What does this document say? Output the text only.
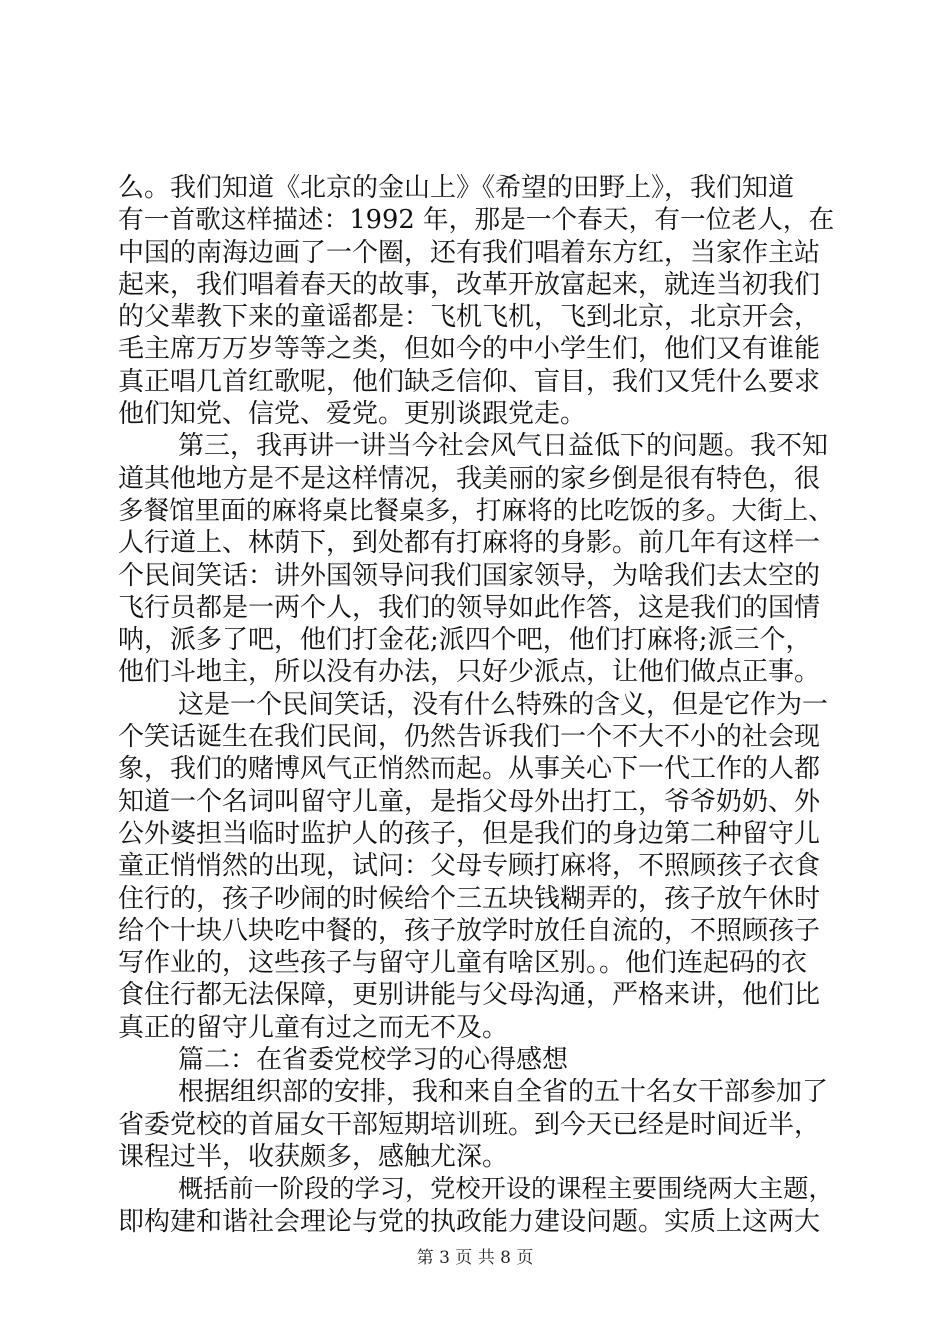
么。我们知道《北京的金山上》《希望的田野上》，我们知道
有一首歌这样描述：1992 年，那是一个春天，有一位老人，在
中国的南海边画了一个圈，还有我们唱着东方红，当家作主站
起来，我们唱着春天的故事，改革开放富起来，就连当初我们
的父辈教下来的童谣都是：飞机飞机，飞到北京，北京开会，
毛主席万万岁等等之类，但如今的中小学生们，他们又有谁能
真正唱几首红歌呢，他们缺乏信仰、盲目，我们又凭什么要求
他们知党、信党、爱党。更别谈跟党走。
第三，我再讲一讲当今社会风气日益低下的问题。我不知
道其他地方是不是这样情况，我美丽的家乡倒是很有特色，很
多餐馆里面的麻将桌比餐桌多，打麻将的比吃饭的多。大街上、
人行道上、林荫下，到处都有打麻将的身影。前几年有这样一
个民间笑话：讲外国领导问我们国家领导，为啥我们去太空的
飞行员都是一两个人，我们的领导如此作答，这是我们的国情
呐，派多了吧，他们打金花;派四个吧，他们打麻将;派三个，
他们斗地主，所以没有办法，只好少派点，让他们做点正事。
这是一个民间笑话，没有什么特殊的含义，但是它作为一
个笑话诞生在我们民间，仍然告诉我们一个不大不小的社会现
象，我们的赌博风气正悄然而起。从事关心下一代工作的人都
知道一个名词叫留守儿童，是指父母外出打工，爷爷奶奶、外
公外婆担当临时监护人的孩子，但是我们的身边第二种留守儿
童正悄悄然的出现，试问：父母专顾打麻将，不照顾孩子衣食
住行的，孩子吵闹的时候给个三五块钱糊弄的，孩子放午休时
给个十块八块吃中餐的，孩子放学时放任自流的，不照顾孩子
写作业的，这些孩子与留守儿童有啥区别。。他们连起码的衣
食住行都无法保障，更别讲能与父母沟通，严格来讲，他们比
真正的留守儿童有过之而无不及。
篇二：在省委党校学习的心得感想
根据组织部的安排，我和来自全省的五十名女干部参加了
省委党校的首届女干部短期培训班。到今天已经是时间近半，
课程过半，收获颇多，感触尤深。
概括前一阶段的学习，党校开设的课程主要围绕两大主题，
即构建和谐社会理论与党的执政能力建设问题。实质上这两大
第 3 页 共 8 页
